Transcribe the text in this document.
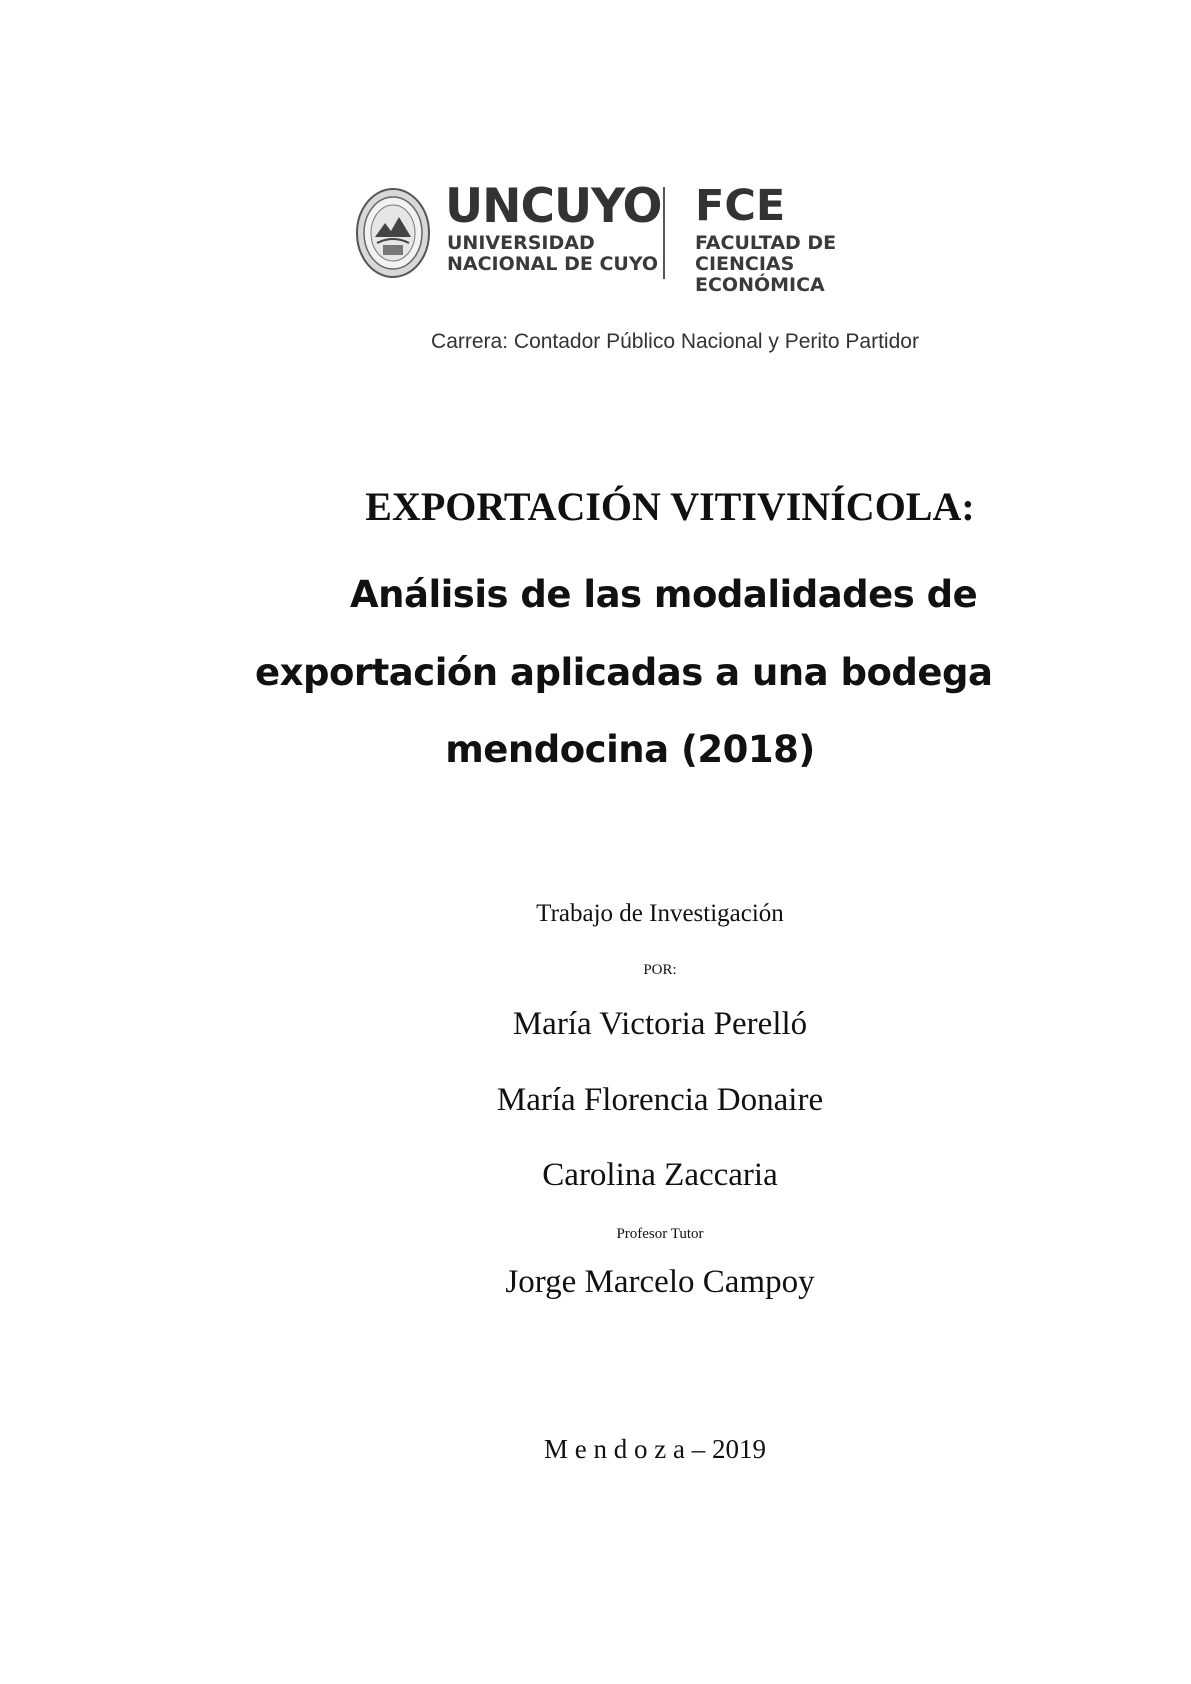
UNCUYO
UNIVERSIDAD
NACIONAL DE CUYO
FCE
FACULTAD DE
CIENCIAS ECONÓMICA
Carrera: Contador Público Nacional y Perito Partidor
EXPORTACIÓN VITIVINÍCOLA:
Análisis de las modalidades de
exportación aplicadas a una bodega
mendocina (2018)
Trabajo de Investigación
POR:
María Victoria Perelló
María Florencia Donaire
Carolina Zaccaria
Profesor Tutor
Jorge Marcelo Campoy
M e n d o z a – 2019
